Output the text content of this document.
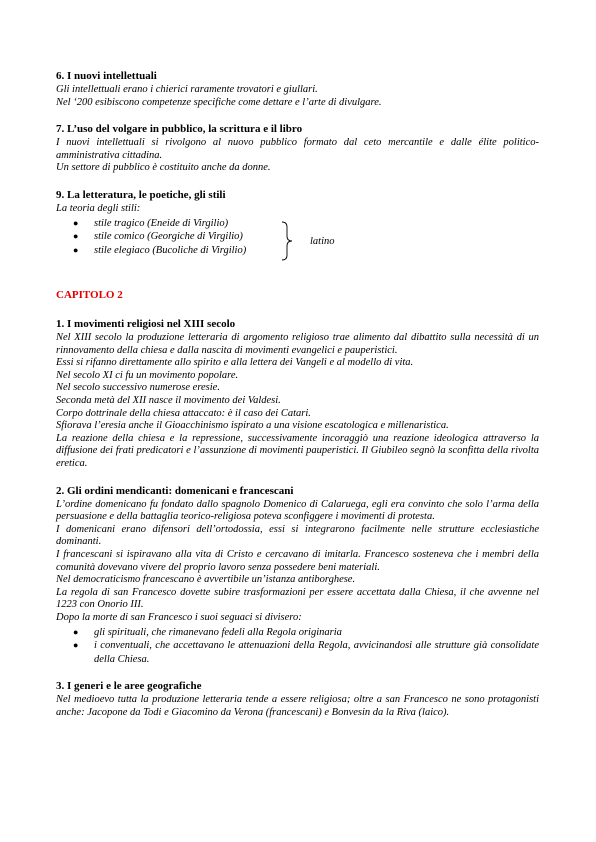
6. I nuovi intellettuali

Gli intellettuali erano i chierici raramente trovatori e giullari.

Nel ‘200 esibiscono competenze specifiche come dettare e l’arte di divulgare.

7. L’uso del volgare in pubblico, la scrittura e il libro

I nuovi intellettuali si rivolgono al nuovo pubblico formato dal ceto mercantile e dalle élite politico-amministrativa cittadina.

Un settore di pubblico è costituito anche da donne.

9. La letteratura, le poetiche, gli stili

La teoria degli stili:

● stile tragico (Eneide di Virgilio)
● stile comico (Georgiche di Virgilio)
● stile elegiaco (Bucoliche di Virgilio)
latino
CAPITOLO 2
1. I movimenti religiosi nel XIII secolo

Nel XIII secolo la produzione letteraria di argomento religioso trae alimento dal dibattito sulla necessità di un rinnovamento della chiesa e dalla nascita di movimenti evangelici e pauperistici.

Essi si rifanno direttamente allo spirito e alla lettera dei Vangeli e al modello di vita.

Nel secolo XI ci fu un movimento popolare.

Nel secolo successivo numerose eresie.

Seconda metà del XII nasce il movimento dei Valdesi.

Corpo dottrinale della chiesa attaccato: è il caso dei Catari.

Sfiorava l’eresia anche il Gioacchinismo ispirato a una visione escatologica e millenaristica.

La reazione della chiesa e la repressione, successivamente incoraggiò una reazione ideologica attraverso la diffusione dei frati predicatori e l’assunzione di movimenti pauperistici. Il Giubileo segnò la sconfitta della rivolta eretica.

2. Gli ordini mendicanti: domenicani e francescani

L’ordine domenicano fu fondato dallo spagnolo Domenico di Calaruega, egli era convinto che solo l’arma della persuasione e della battaglia teorico-religiosa poteva sconfiggere i movimenti di protesta.

I domenicani erano difensori dell’ortodossia, essi si integrarono facilmente nelle strutture ecclesiastiche dominanti.

I francescani si ispiravano alla vita di Cristo e cercavano di imitarla. Francesco sosteneva che i membri della comunità dovevano vivere del proprio lavoro senza possedere beni materiali.

Nel democraticismo francescano è avvertibile un’istanza antiborghese.

La regola di san Francesco dovette subire trasformazioni per essere accettata dalla Chiesa, il che avvenne nel 1223 con Onorio III.

Dopo la morte di san Francesco i suoi seguaci si divisero:

● gli spirituali, che rimanevano fedeli alla Regola originaria
● i conventuali, che accettavano le attenuazioni della Regola, avvicinandosi alle strutture già consolidate della Chiesa.
3. I generi e le aree geografiche

Nel medioevo tutta la produzione letteraria tende a essere religiosa; oltre a san Francesco ne sono protagonisti anche: Jacopone da Todi e Giacomino da Verona (francescani) e Bonvesin da la Riva (laico).
